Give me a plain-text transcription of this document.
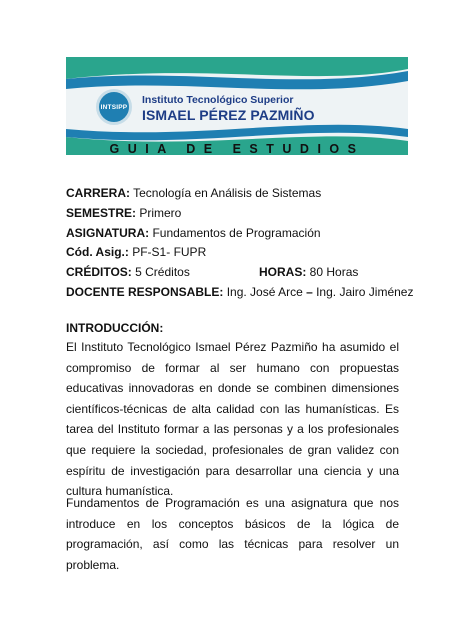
INTSIPP
Instituto Tecnológico Superior
ISMAEL PÉREZ PAZMIÑO
GUIA DE ESTUDIOS
CARRERA: Tecnología en Análisis de Sistemas
SEMESTRE: Primero
ASIGNATURA: Fundamentos de Programación
Cód. Asig.: PF-S1- FUPR
CRÉDITOS: 5 Créditos	HORAS: 80 Horas
DOCENTE RESPONSABLE: Ing. José Arce – Ing. Jairo Jiménez
INTRODUCCIÓN:

El Instituto Tecnológico Ismael Pérez Pazmiño ha asumido el compromiso de formar al ser humano con propuestas educativas innovadoras en donde se combinen dimensiones científicos-técnicas de alta calidad con las humanísticas. Es tarea del Instituto formar a las personas y a los profesionales que requiere la sociedad, profesionales de gran validez con espíritu de investigación para desarrollar una ciencia y una cultura humanística.

Fundamentos de Programación es una asignatura que nos introduce en los conceptos básicos de la lógica de programación, así como las técnicas para resolver un problema.
